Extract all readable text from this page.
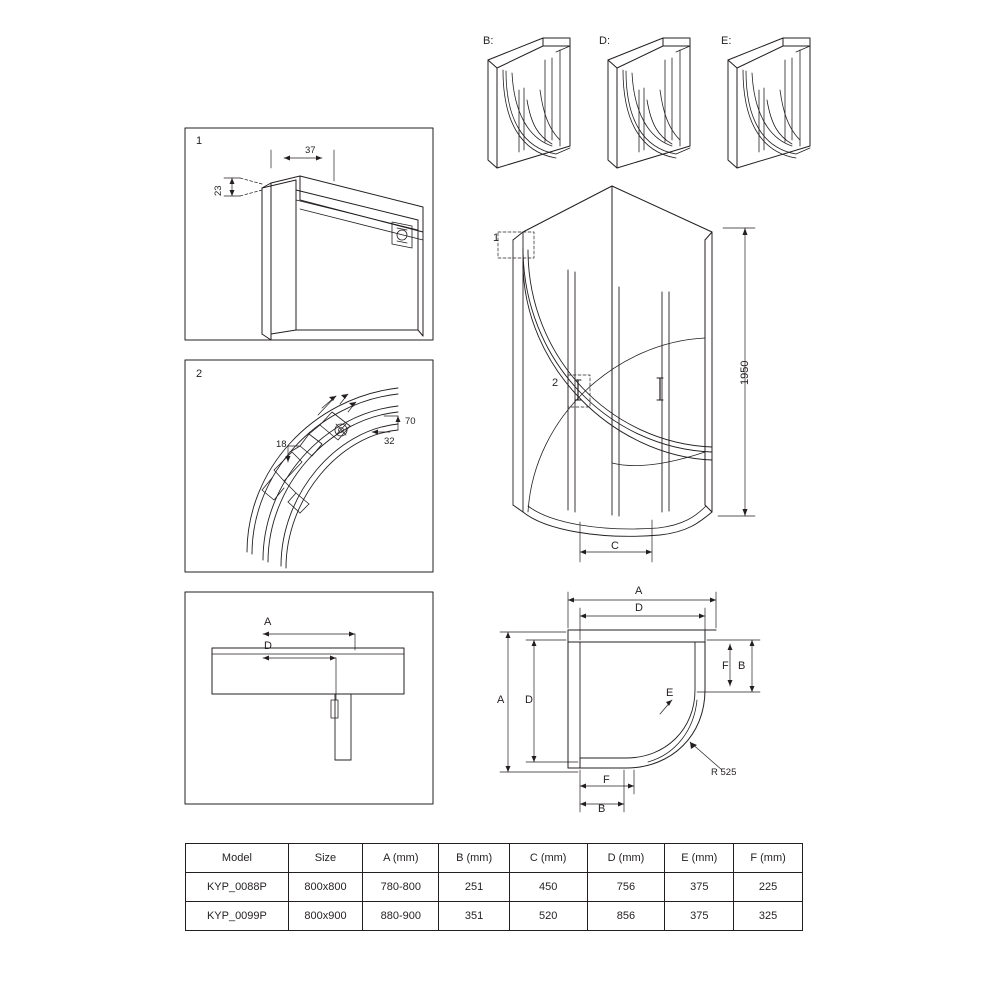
B:	D:	E:
1
2
37
23
18	32
70
1
2	1950
C
A
D
A
D
E
B
F
A D
F
B
R 525
Model	Size	A (mm)	B (mm)	C (mm)	D (mm)	E (mm)	F (mm)
KYP_0088P	800x800	780-800	251	450	756	375	225
KYP_0099P	800x900	880-900	351	520	856	375	325
